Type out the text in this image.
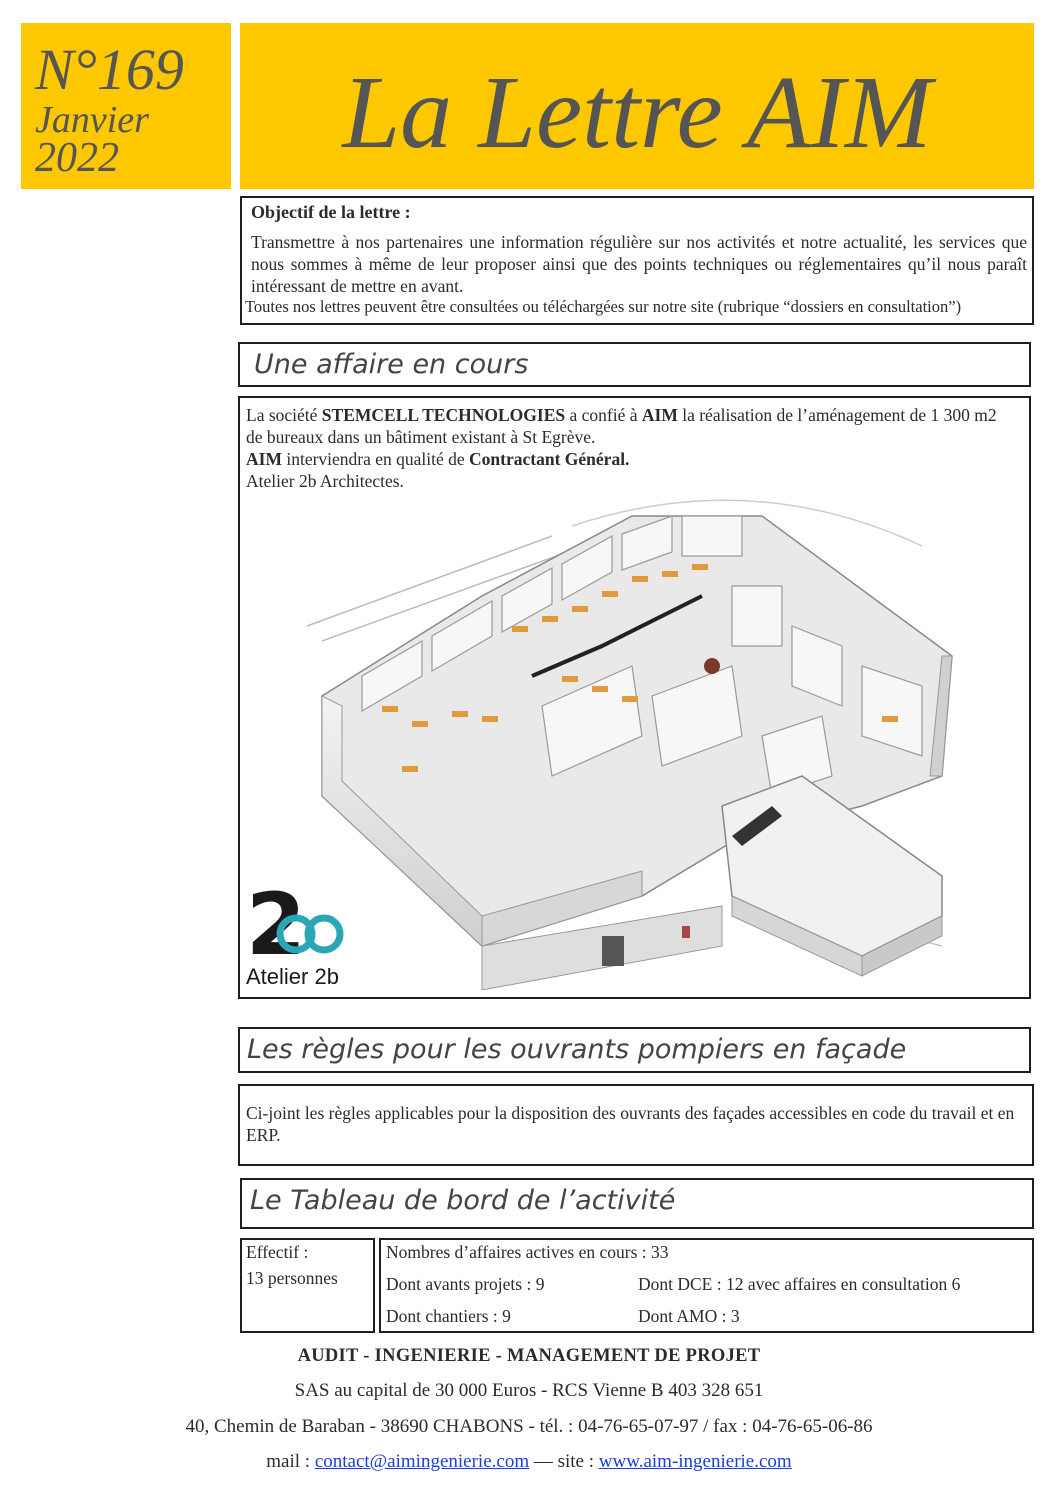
N°169
Janvier
2022	La Lettre AIM
Objectif de la lettre :
Transmettre à nos partenaires une information régulière sur nos activités et notre actualité, les services que nous sommes à même de leur proposer ainsi que des points techniques ou réglementaires qu’il nous paraît intéressant de mettre en avant.
Toutes nos lettres peuvent être consultées ou téléchargées sur notre site (rubrique “dossiers en consultation”)
Une affaire en cours
La société STEMCELL TECHNOLOGIES a confié à AIM la réalisation de l’aménagement de 1 300 m2 de bureaux dans un bâtiment existant à St Egrève.
AIM interviendra en qualité de Contractant Général.
Atelier 2b Architectes.
2
Atelier 2b
Les règles pour les ouvrants pompiers en façade
Ci-joint les règles applicables pour la disposition des ouvrants des façades accessibles en code du travail et en ERP.
Le Tableau de bord de l’activité
Effectif :
13 personnes
Nombres d’affaires actives en cours : 33
Dont avants projets : 9	Dont DCE : 12 avec affaires en consultation 6
Dont chantiers : 9	Dont AMO : 3
AUDIT - INGENIERIE - MANAGEMENT DE PROJET
SAS au capital de 30 000 Euros - RCS Vienne B 403 328 651
40, Chemin de Baraban - 38690 CHABONS - tél. : 04-76-65-07-97 / fax : 04-76-65-06-86
mail : contact@aimingenierie.com — site : www.aim-ingenierie.com
